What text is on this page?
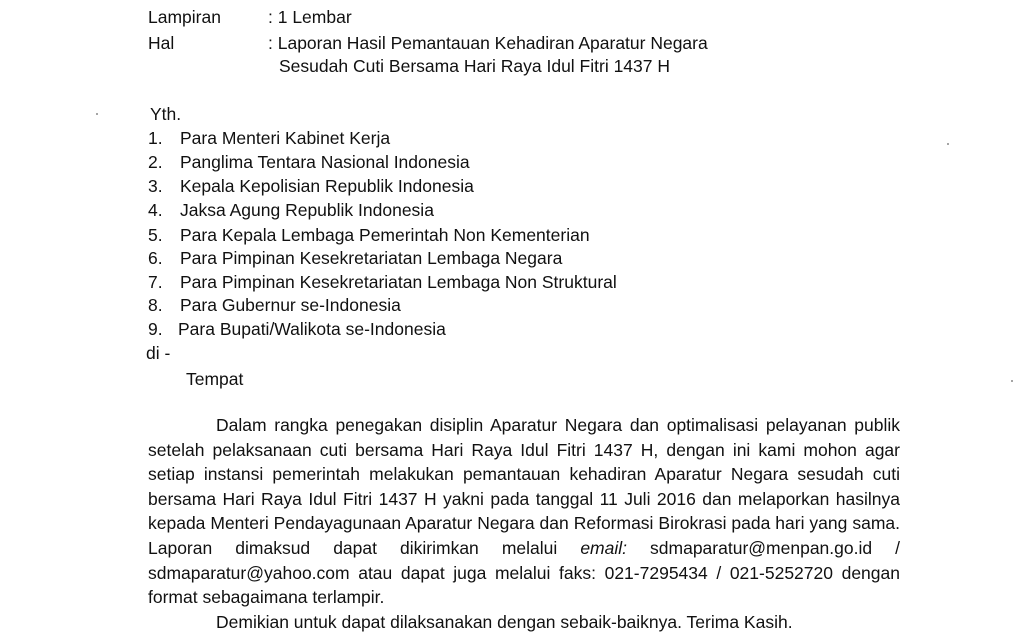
Lampiran	: 1 Lembar
Hal	: Laporan Hasil Pemantauan Kehadiran Aparatur Negara
Sesudah Cuti Bersama Hari Raya Idul Fitri 1437 H
Yth.
1. Para Menteri Kabinet Kerja
2. Panglima Tentara Nasional Indonesia
3. Kepala Kepolisian Republik Indonesia
4. Jaksa Agung Republik Indonesia
5. Para Kepala Lembaga Pemerintah Non Kementerian
6. Para Pimpinan Kesekretariatan Lembaga Negara
7. Para Pimpinan Kesekretariatan Lembaga Non Struktural
8. Para Gubernur se-Indonesia
9. Para Bupati/Walikota se-Indonesia
di -
Tempat
Dalam rangka penegakan disiplin Aparatur Negara dan optimalisasi pelayanan publik setelah pelaksanaan cuti bersama Hari Raya Idul Fitri 1437 H, dengan ini kami mohon agar setiap instansi pemerintah melakukan pemantauan kehadiran Aparatur Negara sesudah cuti bersama Hari Raya Idul Fitri 1437 H yakni pada tanggal 11 Juli 2016 dan melaporkan hasilnya kepada Menteri Pendayagunaan Aparatur Negara dan Reformasi Birokrasi pada hari yang sama. Laporan dimaksud dapat dikirimkan melalui email: sdmaparatur@menpan.go.id / sdmaparatur@yahoo.com atau dapat juga melalui faks: 021-7295434 / 021-5252720 dengan format sebagaimana terlampir.
Demikian untuk dapat dilaksanakan dengan sebaik-baiknya. Terima Kasih.
